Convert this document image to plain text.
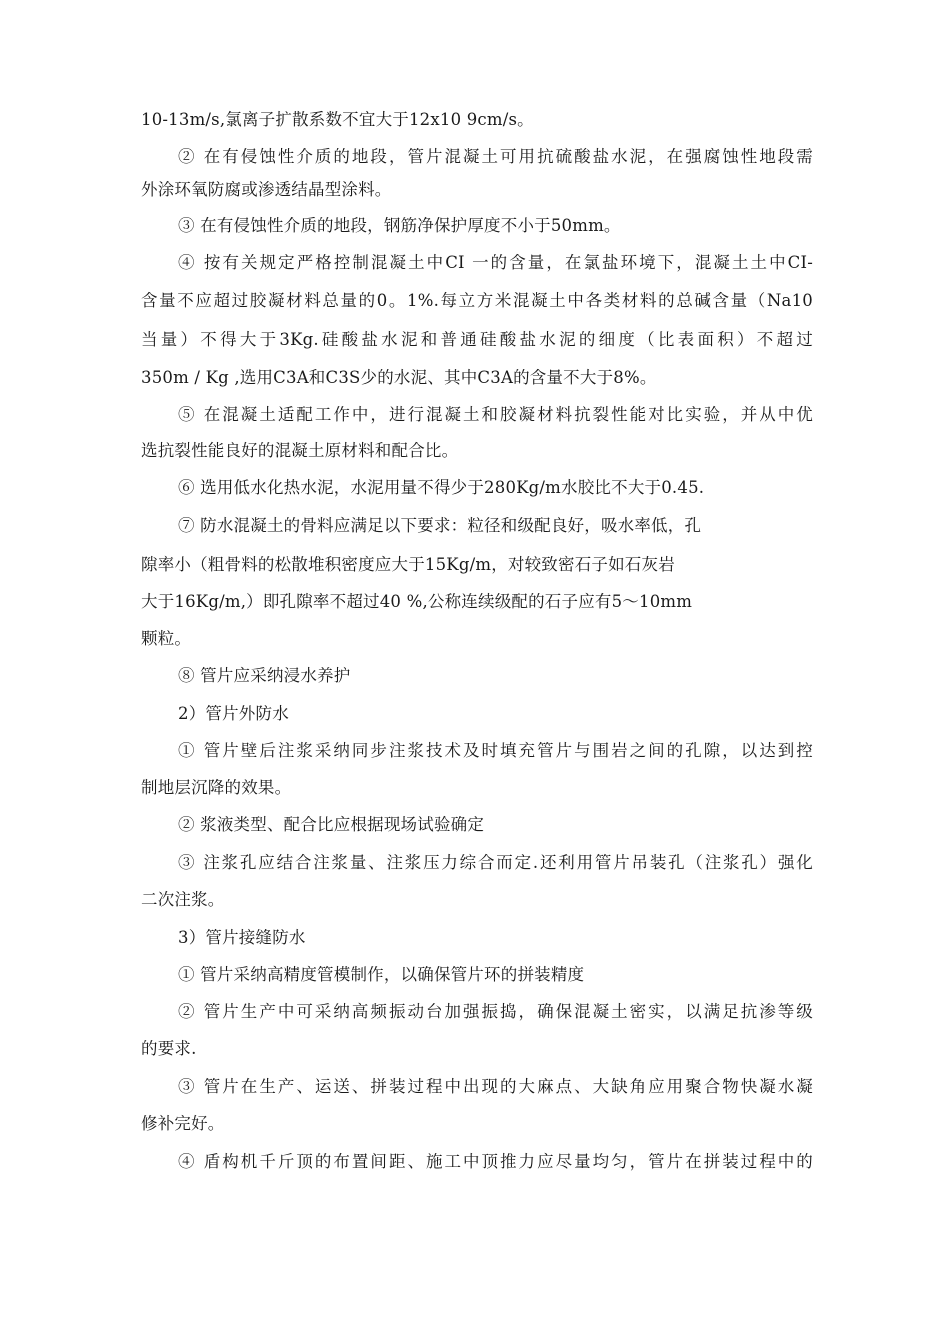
10-13m/s,氯离子扩散系数不宜大于12x10 9cm/s。
② 在有侵蚀性介质的地段，管片混凝土可用抗硫酸盐水泥，在强腐蚀性地段需
外涂环氧防腐或渗透结晶型涂料。
③ 在有侵蚀性介质的地段，钢筋净保护厚度不小于50mm。
④ 按有关规定严格控制混凝土中CI 一的含量，在氯盐环境下，混凝土土中CI-
含量不应超过胶凝材料总量的0。1%.每立方米混凝土中各类材料的总碱含量（Na10
当量）不得大于3Kg.硅酸盐水泥和普通硅酸盐水泥的细度（比表面积）不超过
350m / Kg ,选用C3A和C3S少的水泥、其中C3A的含量不大于8%。
⑤ 在混凝土适配工作中，进行混凝土和胶凝材料抗裂性能对比实验，并从中优
选抗裂性能良好的混凝土原材料和配合比。
⑥ 选用低水化热水泥，水泥用量不得少于280Kg/m水胶比不大于0.45.
⑦ 防水混凝土的骨料应满足以下要求：粒径和级配良好，吸水率低，孔
隙率小（粗骨料的松散堆积密度应大于15Kg/m，对较致密石子如石灰岩
大于16Kg/m,）即孔隙率不超过40 %,公称连续级配的石子应有5〜10mm
颗粒。
⑧ 管片应采纳浸水养护
2）管片外防水
① 管片壁后注浆采纳同步注浆技术及时填充管片与围岩之间的孔隙，以达到控
制地层沉降的效果。
② 浆液类型、配合比应根据现场试验确定
③ 注浆孔应结合注浆量、注浆压力综合而定.还利用管片吊装孔（注浆孔）强化
二次注浆。
3）管片接缝防水
① 管片采纳高精度管模制作，以确保管片环的拼装精度
② 管片生产中可采纳高频振动台加强振捣，确保混凝土密实，以满足抗渗等级
的要求.
③ 管片在生产、运送、拼装过程中出现的大麻点、大缺角应用聚合物快凝水凝
修补完好。
④ 盾构机千斤顶的布置间距、施工中顶推力应尽量均匀，管片在拼装过程中的
